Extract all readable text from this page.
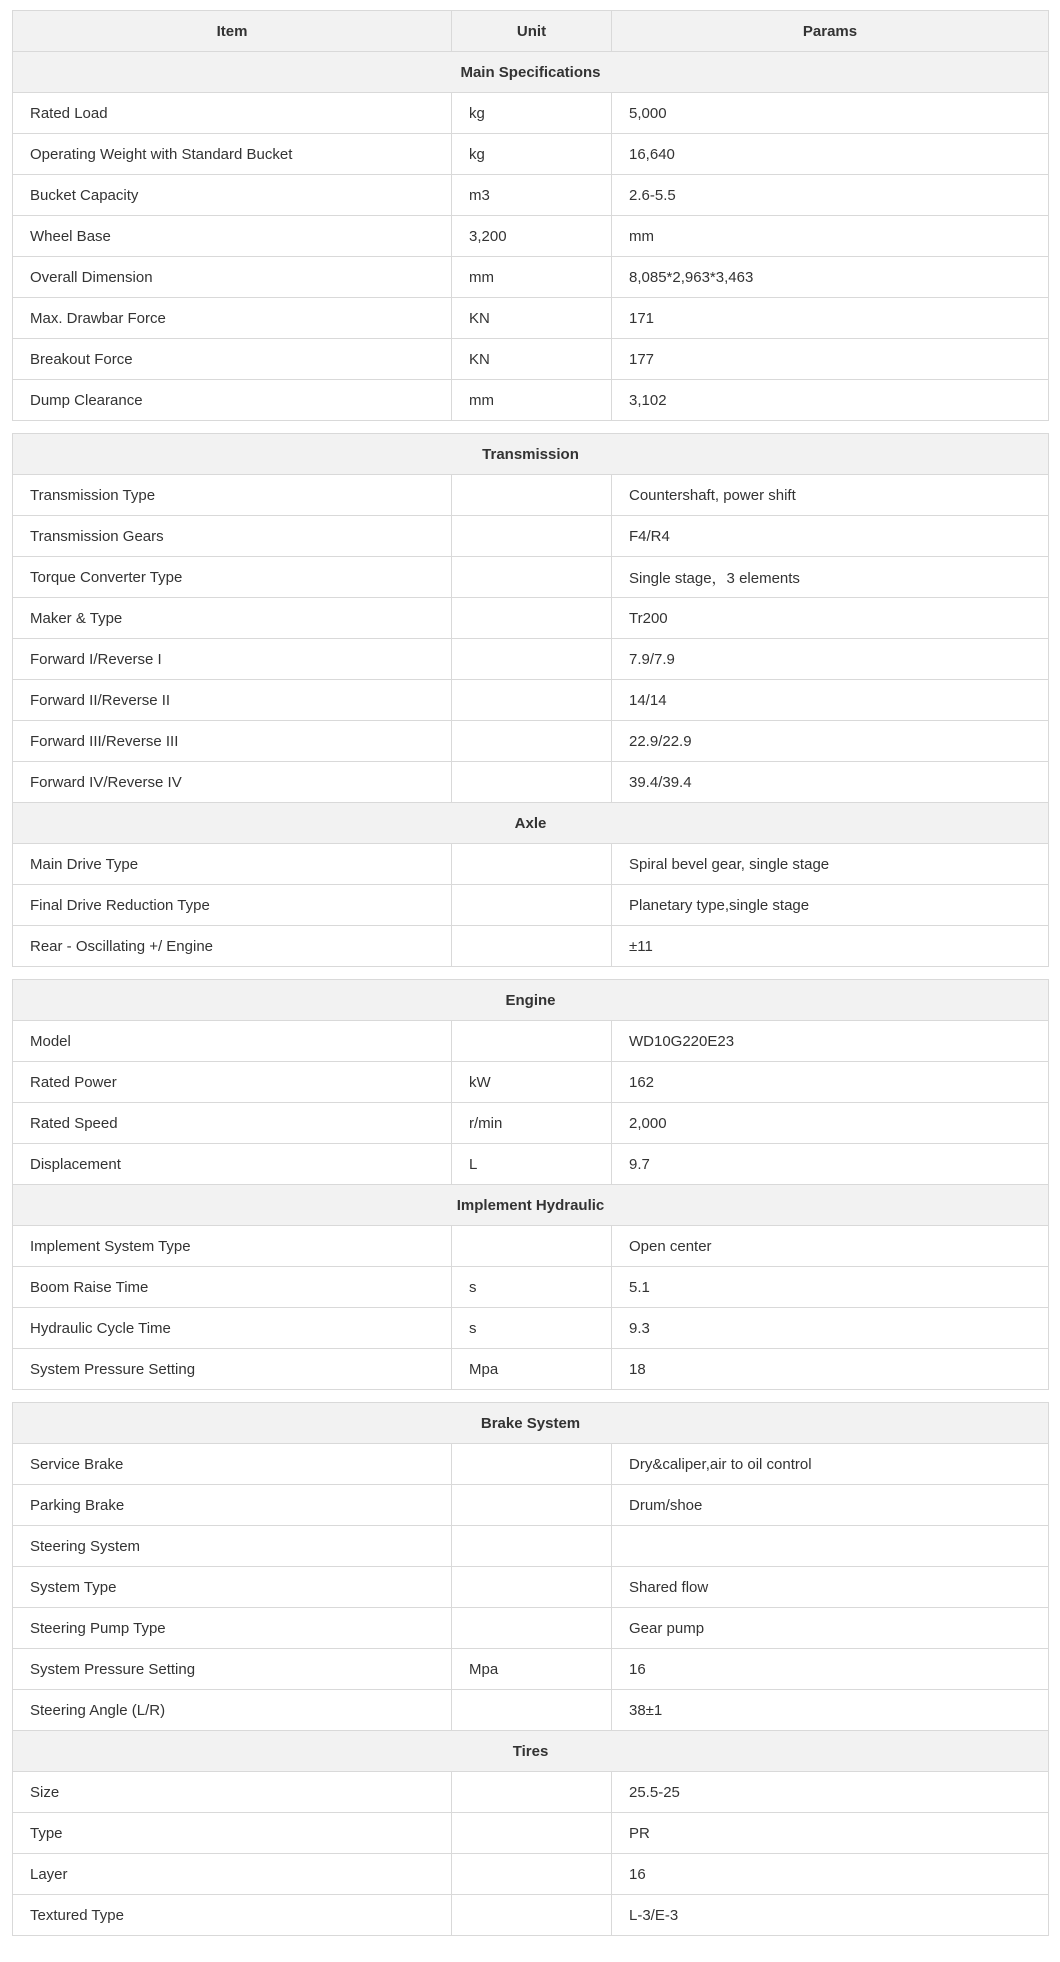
Item	Unit	Params
Main Specifications		
Rated Load	kg	5,000
Operating Weight with Standard Bucket	kg	16,640
Bucket Capacity	m3	2.6-5.5
Wheel Base	3,200	mm
Overall Dimension	mm	8,085*2,963*3,463
Max. Drawbar Force	KN	171
Breakout Force	KN	177
Dump Clearance	mm	3,102
Transmission		
Transmission Type		Countershaft, power shift
Transmission Gears		F4/R4
Torque Converter Type		Single stage，3 elements
Maker & Type		Tr200
Forward I/Reverse I		7.9/7.9
Forward II/Reverse II		14/14
Forward III/Reverse III		22.9/22.9
Forward IV/Reverse IV		39.4/39.4
Axle		
Main Drive Type		Spiral bevel gear, single stage
Final Drive Reduction Type		Planetary type,single stage
Rear - Oscillating +/ Engine		±11
Engine		
Model		WD10G220E23
Rated Power	kW	162
Rated Speed	r/min	2,000
Displacement	L	9.7
Implement Hydraulic		
Implement System Type		Open center
Boom Raise Time	s	5.1
Hydraulic Cycle Time	s	9.3
System Pressure Setting	Mpa	18
Brake System		
Service Brake		Dry&caliper,air to oil control
Parking Brake		Drum/shoe
Steering System		
System Type		Shared flow
Steering Pump Type		Gear pump
System Pressure Setting	Mpa	16
Steering Angle (L/R)		38±1
Tires		
Size		25.5-25
Type		PR
Layer		16
Textured Type		L-3/E-3
